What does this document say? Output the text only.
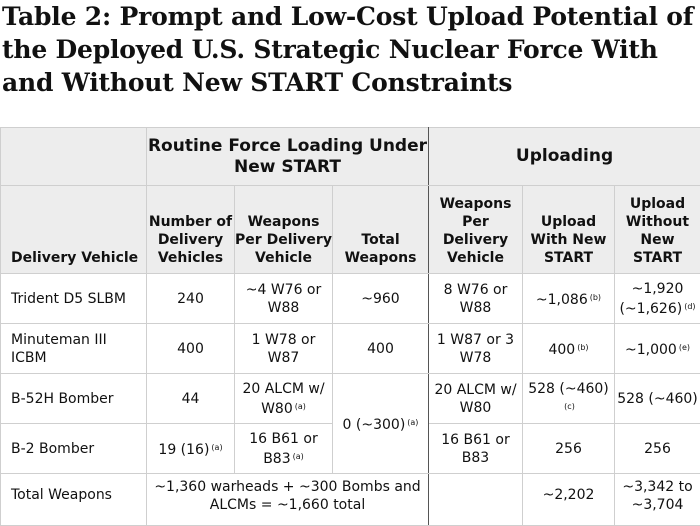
Table 2: Prompt and Low-Cost Upload Potential of the Deployed U.S. Strategic Nuclear Force With and Without New START Constraints
	Routine Force Loading Under New START			Uploading		
Delivery Vehicle	Number of Delivery Vehicles	Weapons Per Delivery Vehicle	Total Weapons	Weapons Per Delivery Vehicle	Upload With New START	Upload Without New START
Trident D5 SLBM	240	~4 W76 or W88	~960	8 W76 or W88	~1,086 $^{(b)}$	~1,920 (~1,626) $^{(d)}$
Minuteman III ICBM	400	1 W78 or W87	400	1 W87 or 3 W78	400 $^{(b)}$	~1,000 $^{(e)}$
B-52H Bomber	44	20 ALCM w/ W80 $^{(a)}$	0 (~300) $^{(a)}$	20 ALCM w/ W80	528 (~460)$^{(c)}$	528 (~460)
B-2 Bomber	19 (16) $^{(a)}$	16 B61 or B83 $^{(a)}$		16 B61 or B83	256	256
Total Weapons	~1,360 warheads + ~300 Bombs and ALCMs = ~1,660 total				~2,202	~3,342 to ~3,704
